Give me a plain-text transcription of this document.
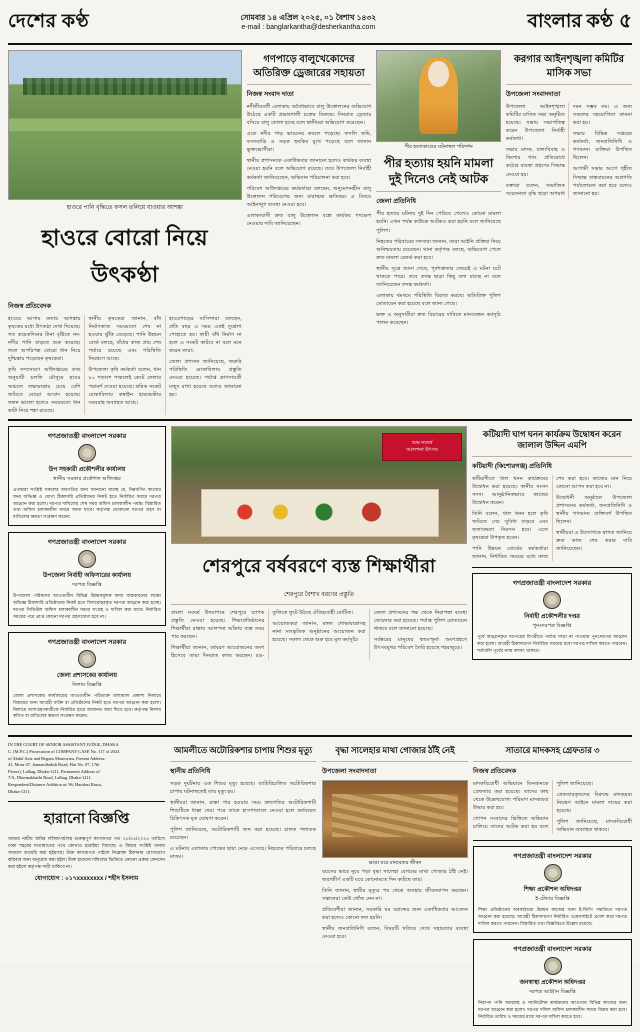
দেশের কণ্ঠ	সোমবার ১৪ এপ্রিল ২০২৫, ০১ বৈশাখ ১৪৩২
e-mail : banglarkantha@desherkantha.com	বাংলার কণ্ঠ ৫
হাওরে পানি বৃদ্ধিতে ফসল তলিয়ে যাওয়ার আশঙ্কা
হাওরে বোরো নিয়ে উৎকণ্ঠা
নিজস্ব প্রতিবেদক

হাওরে আগাম বন্যার আশঙ্কায় কৃষকের মধ্যে উৎকণ্ঠা দেখা দিয়েছে। গত কয়েকদিনের টানা বৃষ্টিতে নদ-নদীর পানি বাড়তে শুরু করেছে। ফলে অপরিপক্ব বোরো ধান নিয়ে দুশ্চিন্তায় পড়েছেন কৃষকেরা।

কৃষি সম্প্রসারণ অধিদপ্তরের তথ্য অনুযায়ী চলতি মৌসুমে হাওর অঞ্চলে লক্ষ্যমাত্রার চেয়ে বেশি জমিতে বোরো আবাদ হয়েছে। ফলন ভালো হলেও সময়মতো ধান কাটা নিয়ে শঙ্কা রয়েছে।

স্থানীয় কৃষকেরা জানান, বাঁধ নির্মাণকাজ সময়মতো শেষ না হওয়ায় ঝুঁকি বেড়েছে। পানি উন্নয়ন বোর্ড বলছে, বাঁধের কাজ প্রায় শেষ পর্যায়ে রয়েছে এবং পরিস্থিতি নিয়ন্ত্রণে আছে।

উপজেলা কৃষি কর্মকর্তা বলেন, ধান ৮০ শতাংশ পাকলেই কেটে ফেলার পরামর্শ দেওয়া হয়েছে। শ্রমিক সংকট মোকাবিলায় কম্বাইন হারভেস্টার সরবরাহ অব্যাহত আছে।

হাওরপাড়ের বাসিন্দারা বলছেন, প্রতি বছর এ সময় একই দুর্ভোগ পোহাতে হয়। স্থায়ী বাঁধ নির্মাণ না হলে এ সংকট কাটবে না বলে মনে করেন তারা।

জেলা প্রশাসন জানিয়েছে, জরুরি পরিস্থিতি মোকাবিলায় প্রস্তুতি নেওয়া হয়েছে। পর্যাপ্ত ত্রাণসামগ্রী মজুদ রাখা হয়েছে বলেও জানানো হয়।

গণপাড়ে বালুখেকোদের অতিরিক্ত ড্রেজারের সহায়তা
নিজস্ব সংবাদ দাতা

নদীতীরবর্তী এলাকায় অবৈধভাবে বালু উত্তোলনের অভিযোগ উঠেছে একটি প্রভাবশালী চক্রের বিরুদ্ধে। দিনরাত ড্রেজার বসিয়ে বালু তোলা হচ্ছে বলে স্থানীয়রা অভিযোগ করেছেন।

এতে নদীর পাড় ভাঙনের কবলে পড়েছে। ফসলি জমি, বসতবাড়ি ও সড়ক হুমকির মুখে পড়েছে বলে জানান ভুক্তভোগীরা।

স্থানীয় প্রশাসনকে একাধিকবার জানানো হলেও কার্যকর ব্যবস্থা নেওয়া হয়নি বলে অভিযোগ রয়েছে। তবে উপজেলা নির্বাহী কর্মকর্তা জানিয়েছেন, অভিযান পরিচালনা করা হবে।

পরিবেশ অধিদপ্তরের কর্মকর্তারা বলছেন, অনুমোদনহীন বালু উত্তোলন পরিবেশের জন্য মারাত্মক ক্ষতিকর। এ বিষয়ে আইনানুগ ব্যবস্থা নেওয়া হবে।

এলাকাবাসী দ্রুত বালু উত্তোলন বন্ধে কার্যকর পদক্ষেপ নেওয়ার দাবি জানিয়েছেন।

পীর হত্যাকাণ্ডের ঘটনাস্থল পরিদর্শন
পীর হত্যায় হয়নি মামলা দুই দিনেও নেই আটক
জেলা প্রতিনিধি

পীর হত্যার ঘটনায় দুই দিন পেরিয়ে গেলেও কোনো মামলা হয়নি। এখন পর্যন্ত কাউকে আটকও করা হয়নি বলে জানিয়েছে পুলিশ।

নিহতের পরিবারের সদস্যরা জানান, তারা আইনি প্রক্রিয়া নিয়ে অনিশ্চয়তায় রয়েছেন। থানা কর্তৃপক্ষ বলছে, অভিযোগ পেলে দ্রুত মামলা রেকর্ড করা হবে।

স্থানীয় সূত্রে জানা গেছে, পূর্বশত্রুতার জেরেই এ ঘটনা ঘটে থাকতে পারে। তবে তদন্ত ছাড়া কিছু বলা যাচ্ছে না বলে জানিয়েছেন তদন্ত কর্মকর্তা।

এলাকায় থমথমে পরিস্থিতি বিরাজ করছে। অতিরিক্ত পুলিশ মোতায়েন করা হয়েছে বলে জানা গেছে।

ভক্ত ও অনুসারীরা দ্রুত বিচারের দাবিতে মানববন্ধন কর্মসূচি পালন করেছেন।

করগার আইনশৃঙ্খলা কমিটির মাসিক সভা
উপজেলা সংবাদদাতা

উপজেলা আইনশৃঙ্খলা কমিটির মাসিক সভা অনুষ্ঠিত হয়েছে। সভায় সভাপতিত্ব করেন উপজেলা নির্বাহী কর্মকর্তা।

সভায় মাদক, বাল্যবিবাহ ও কিশোর গ্যাং প্রতিরোধে কঠোর ব্যবস্থা গ্রহণের সিদ্ধান্ত নেওয়া হয়।

বক্তারা বলেন, সামাজিক সচেতনতা বৃদ্ধি ছাড়া অপরাধ দমন সম্ভব নয়। এ জন্য সকলের সহযোগিতা কামনা করা হয়।

সভায় বিভিন্ন দপ্তরের কর্মকর্তা, জনপ্রতিনিধি ও গণ্যমান্য ব্যক্তিরা উপস্থিত ছিলেন।

আগামী সভার আগে গৃহীত সিদ্ধান্ত বাস্তবায়নের অগ্রগতি পর্যালোচনা করা হবে বলেও জানানো হয়।

গণপ্রজাতন্ত্রী বাংলাদেশ সরকার
উপ সহকারী প্রকৌশলীর কার্যালয়
স্থানীয় সরকার প্রকৌশল অধিদপ্তর
এতদ্বারা সংশ্লিষ্ট সকলের অবগতির জন্য জানানো যাচ্ছে যে, নিম্নবর্ণিত কাজের জন্য অভিজ্ঞ ও যোগ্য ঠিকাদারি প্রতিষ্ঠানের নিকট হতে নির্ধারিত ফরমে দরপত্র আহ্বান করা হলো। দরপত্র দাখিলের শেষ সময় অফিস চলাকালীন পর্যন্ত। বিস্তারিত তথ্য অফিস চলাকালীন সময়ে জানা যাবে। কর্তৃপক্ষ যেকোনো দরপত্র গ্রহণ বা বাতিলের ক্ষমতা সংরক্ষণ করেন।
গণপ্রজাতন্ত্রী বাংলাদেশ সরকার
উপজেলা নির্বাহী অফিসারের কার্যালয়
দরপত্র বিজ্ঞপ্তি
উপজেলা পরিষদের আওতাধীন বিভিন্ন উন্নয়নমূলক কাজ বাস্তবায়নের লক্ষ্যে অভিজ্ঞ ঠিকাদারি প্রতিষ্ঠানের নিকট হতে সিলমোহরকৃত দরপত্র আহ্বান করা হচ্ছে। দরপত্র সিডিউল অফিস চলাকালীন সময়ে সংগ্রহ ও দাখিল করা যাবে। নির্ধারিত সময়ের পরে প্রাপ্ত কোনো দরপত্র গ্রহণযোগ্য হবে না।
গণপ্রজাতন্ত্রী বাংলাদেশ সরকার
জেলা প্রশাসকের কার্যালয়
নিলাম বিজ্ঞপ্তি
জেলা প্রশাসকের কার্যালয়ের আওতাধীন পরিত্যক্ত মালামাল প্রকাশ্য নিলামে বিক্রয়ের জন্য আগ্রহী ব্যক্তি বা প্রতিষ্ঠানের নিকট হতে দরপত্র আহ্বান করা হলো। নিলামে অংশগ্রহণকারীকে নির্ধারিত হারে জামানত জমা দিতে হবে। কর্তৃপক্ষ নিলাম স্থগিত বা বাতিলের ক্ষমতা সংরক্ষণ করেন।
শুভ নববর্ষ
আলপনা উৎসব
শেরপুরে বর্ষবরণে ব্যস্ত শিক্ষার্থীরা
শেরপুরে বৈশাখ বরণের প্রস্তুতি

বাংলা নববর্ষ উদযাপনে শেরপুরে ব্যাপক প্রস্তুতি নেওয়া হয়েছে। শিক্ষাপ্রতিষ্ঠানের শিক্ষার্থীরা রাস্তায় আলপনা আঁকায় ব্যস্ত সময় পার করছেন।

শিক্ষার্থীরা জানান, বর্ষবরণ আয়োজনের অংশ হিসেবে তারা দিনরাত কাজ করছেন। রঙ-তুলিতে ফুটে উঠছে ঐতিহ্যবাহী মোটিফ।

আয়োজকরা জানান, মঙ্গল শোভাযাত্রাসহ নানা সাংস্কৃতিক অনুষ্ঠানের আয়োজন করা হয়েছে। সকাল থেকে শুরু হবে মূল কর্মসূচি।

জেলা প্রশাসনের পক্ষ থেকে নিরাপত্তা ব্যবস্থা জোরদার করা হয়েছে। পর্যাপ্ত পুলিশ মোতায়েন থাকবে বলে জানানো হয়েছে।

সর্বস্তরের মানুষের স্বতঃস্ফূর্ত অংশগ্রহণে উৎসবমুখর পরিবেশ তৈরি হয়েছে শহরজুড়ে।

কটিয়াদী ঘাগ ঘনন কার্যক্রম উদ্বোধন করেন জালাল উদ্দিন এমপি
কটিয়াদী (কিশোরগঞ্জ) প্রতিনিধি

কটিয়াদীতে খাল খনন কার্যক্রমের উদ্বোধন করা হয়েছে। স্থানীয় সংসদ সদস্য আনুষ্ঠানিকভাবে কাজের উদ্বোধন করেন।

তিনি বলেন, খাল খনন হলে কৃষি জমিতে সেচ সুবিধা বাড়বে এবং জলাবদ্ধতা নিরসন হবে। এতে কৃষকেরা উপকৃত হবেন।

পানি উন্নয়ন বোর্ডের কর্মকর্তারা জানান, নির্ধারিত সময়ের মধ্যে কাজ শেষ করা হবে। কাজের মান নিয়ে কোনো আপস করা হবে না।

উদ্বোধনী অনুষ্ঠানে উপজেলা প্রশাসনের কর্মকর্তা, জনপ্রতিনিধি ও স্থানীয় গণ্যমান্য ব্যক্তিবর্গ উপস্থিত ছিলেন।

স্থানীয়রা এ উদ্যোগকে স্বাগত জানিয়ে দ্রুত কাজ শেষ করার দাবি জানিয়েছেন।

গণপ্রজাতন্ত্রী বাংলাদেশ সরকার
নির্বাহী প্রকৌশলীর দপ্তর
পুনঃদরপত্র বিজ্ঞপ্তি
পূর্বে আহ্বানকৃত দরপত্রের বিপরীতে পর্যাপ্ত সাড়া না পাওয়ায় পুনঃদরপত্র আহ্বান করা হলো। আগ্রহী ঠিকাদারগণ নির্ধারিত সময়ের মধ্যে দরপত্র দাখিল করতে পারবেন। শর্তাবলি পূর্বের ন্যায় বলবৎ থাকবে।
IN THE COURT OF SENIOR ASSISTANT JUDGE, DHAKA
C. (M.P.C.) Prosecution of COMPANY CASE No. 117 of 2024
of Abdul Aziz and Begum Monowara, Present Address:
41, Motu-47, Jannatulbaksh Road, Flat No. 07, 17th
Floors), Lalbag, Dhaka-1211, Permanent Address of
7/A, Dhormakhathi Road, Lalbag, Dhaka-1211.
Respondent/Distance Addition at: 96, Haridasi Rasta,
Dhaka-1211.
হারানো বিজ্ঞপ্তি
আমার নামীয় জমির দলিল/পর্চাসহ গুরুত্বপূর্ণ কাগজপত্র গত ০৮/০৪/২০২৫ তারিখে ঢাকা শহরের যাতায়াতের পথে কোথাও হারাইয়া গিয়াছে। এ বিষয়ে সংশ্লিষ্ট থানায় সাধারণ ডায়েরি করা হইয়াছে। উক্ত কাগজপত্র পাইলে নিম্নোক্ত ঠিকানায় যোগাযোগ করিবার জন্য অনুরোধ করা হইল। উক্ত হারানো দলিলের ভিত্তিতে কোনো প্রকার লেনদেন করা হইলে কর্তৃপক্ষ দায়ী থাকিবে না।
যোগাযোগ : ০১৭xxxxxxxx / শহীদ ইসলাম
আমলীতে অটোরিকশার চাপায় শিশুর মৃত্যু
স্থানীয় প্রতিনিধি

সড়ক দুর্ঘটনায় এক শিশুর মৃত্যু হয়েছে। ব্যাটারিচালিত অটোরিকশার চাপায় ঘটনাস্থলেই তার মৃত্যু হয়।

স্থানীয়রা জানান, রাস্তা পার হওয়ার সময় দ্রুতগতির অটোরিকশাটি শিশুটিকে ধাক্কা দেয়। পরে তাকে হাসপাতালে নেওয়া হলে কর্তব্যরত চিকিৎসক মৃত ঘোষণা করেন।

পুলিশ জানিয়েছে, অটোরিকশাটি জব্দ করা হয়েছে। চালক পলাতক রয়েছেন।

এ ঘটনায় এলাকায় শোকের ছায়া নেমে এসেছে। নিহতের পরিবারে চলছে মাতম।

বৃদ্ধা সালেহার মাথা গোজার ঠাঁই নেই
উপজেলা সংবাদদাতা
ভাঙা ঘরে মানবেতর জীবন

বয়সের ভারে নুয়ে পড়া বৃদ্ধা সালেহা বেগমের মাথা গোজার ঠাঁই নেই। জরাজীর্ণ একটি ঘরে কোনোমতে দিন কাটছে তার।

তিনি জানান, স্বামীর মৃত্যুর পর থেকে অসহায় জীবনযাপন করছেন। সন্তানেরা কেউ খোঁজ নেন না।

প্রতিবেশীরা জানান, সরকারি ঘর বরাদ্দের জন্য একাধিকবার আবেদন করা হলেও কোনো ফল হয়নি।

স্থানীয় জনপ্রতিনিধি বলেন, বিষয়টি খতিয়ে দেখে সহায়তার ব্যবস্থা নেওয়া হবে।

সাতারে মাদকসহ গ্রেফতার ৩
নিজস্ব প্রতিবেদক

মাদকবিরোধী অভিযানে তিনজনকে গ্রেফতার করা হয়েছে। তাদের কাছ থেকে উল্লেখযোগ্য পরিমাণ মাদকদ্রব্য উদ্ধার করা হয়।

গোপন সংবাদের ভিত্তিতে অভিযান চালিয়ে তাদের আটক করা হয় বলে পুলিশ জানিয়েছে।

গ্রেফতারকৃতদের বিরুদ্ধে মাদকদ্রব্য নিয়ন্ত্রণ আইনে মামলা দায়ের করা হয়েছে।

পুলিশ জানিয়েছে, মাদকবিরোধী অভিযান অব্যাহত থাকবে।

গণপ্রজাতন্ত্রী বাংলাদেশ সরকার
শিক্ষা প্রকৌশল অধিদপ্তর
ই-টেন্ডার বিজ্ঞপ্তি
শিক্ষা প্রতিষ্ঠানের অবকাঠামো উন্নয়ন কাজের জন্য ই-জিপি পদ্ধতিতে দরপত্র আহ্বান করা হয়েছে। আগ্রহী ঠিকাদারগণ নির্ধারিত ওয়েবসাইটে প্রবেশ করে দরপত্র দাখিল করতে পারবেন। বিস্তারিত তথ্য বিজ্ঞপ্তিতে উল্লেখ রয়েছে।
গণপ্রজাতন্ত্রী বাংলাদেশ সরকার
জনস্বাস্থ্য প্রকৌশল অধিদপ্তর
দরপত্র আহ্বান বিজ্ঞপ্তি
নিরাপদ পানি সরবরাহ ও স্যানিটেশন কার্যক্রমের আওতায় বিভিন্ন কাজের জন্য দরপত্র আহ্বান করা হলো। দরপত্র দলিল অফিস চলাকালীন সময়ে বিক্রয় করা হবে। নির্ধারিত তারিখ ও সময়ের মধ্যে দরপত্র দাখিল করতে হবে।
